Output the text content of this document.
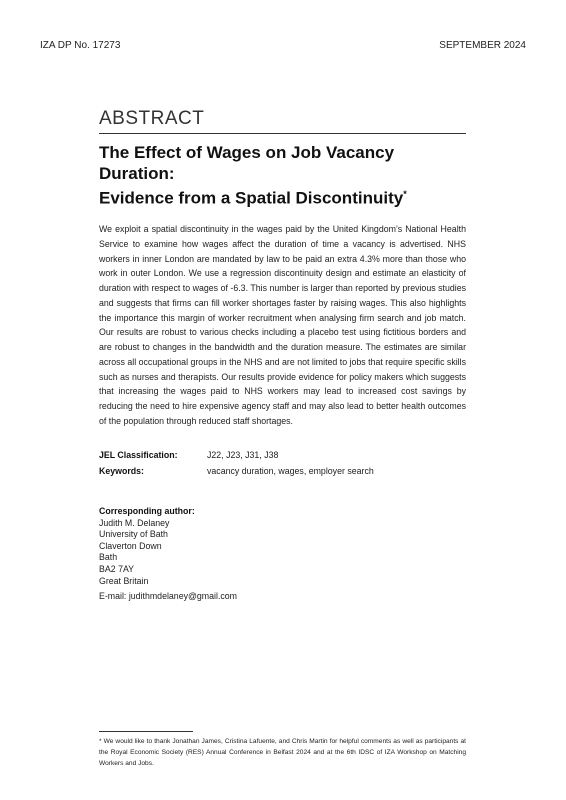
IZA DP No. 17273	SEPTEMBER 2024
ABSTRACT
The Effect of Wages on Job Vacancy
Duration:
Evidence from a Spatial Discontinuity*

We exploit a spatial discontinuity in the wages paid by the United Kingdom’s National Health Service to examine how wages affect the duration of time a vacancy is advertised. NHS workers in inner London are mandated by law to be paid an extra 4.3% more than those who work in outer London. We use a regression discontinuity design and estimate an elasticity of duration with respect to wages of -6.3. This number is larger than reported by previous studies and suggests that firms can fill worker shortages faster by raising wages. This also highlights the importance this margin of worker recruitment when analysing firm search and job match. Our results are robust to various checks including a placebo test using fictitious borders and are robust to changes in the bandwidth and the duration measure. The estimates are similar across all occupational groups in the NHS and are not limited to jobs that require specific skills such as nurses and therapists. Our results provide evidence for policy makers which suggests that increasing the wages paid to NHS workers may lead to increased cost savings by reducing the need to hire expensive agency staff and may also lead to better health outcomes of the population through reduced staff shortages.

JEL Classification:	J22, J23, J31, J38
Keywords:	vacancy duration, wages, employer search
Corresponding author:
Judith M. Delaney
University of Bath
Claverton Down
Bath
BA2 7AY
Great Britain
E-mail: judithmdelaney@gmail.com

* We would like to thank Jonathan James, Cristina Lafuente, and Chris Martin for helpful comments as well as participants at the Royal Economic Society (RES) Annual Conference in Belfast 2024 and at the 6th IDSC of IZA Workshop on Matching Workers and Jobs.
